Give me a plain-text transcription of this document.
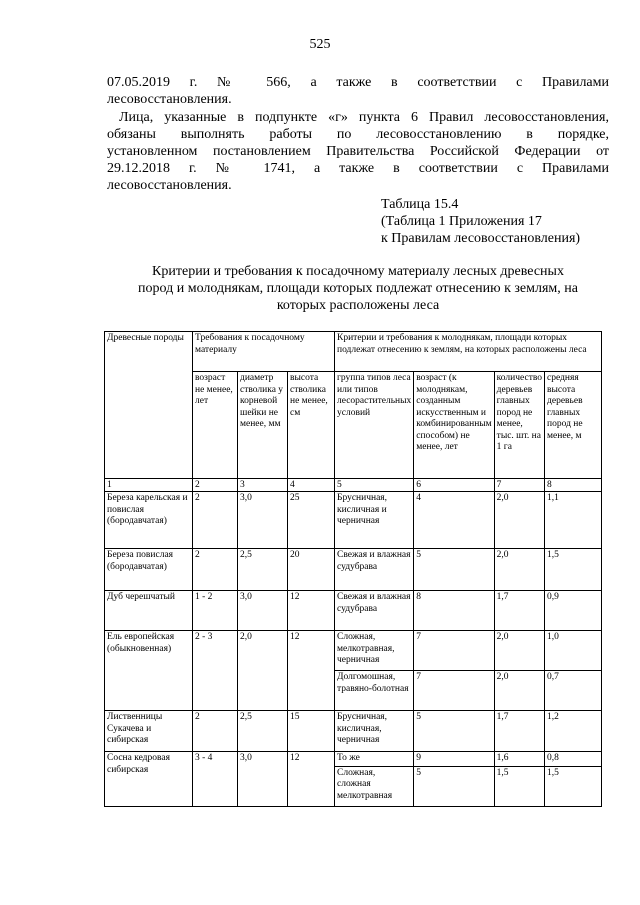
525
07.05.2019 г. № 566, а также в соответствии с Правилами
лесовосстановления.
Лица, указанные в подпункте «г» пункта 6 Правил лесовосстановления,
обязаны выполнять работы по лесовосстановлению в порядке,
установленном постановлением Правительства Российской Федерации от
29.12.2018 г. № 1741, а также в соответствии с Правилами
лесовосстановления.
Таблица 15.4
(Таблица 1 Приложения 17
к Правилам лесовосстановления)
Критерии и требования к посадочному материалу лесных древесных
пород и молоднякам, площади которых подлежат отнесению к землям, на
которых расположены леса
Древесные породы	Требования к посадочному материалу			Критерии и требования к молоднякам, площади которых подлежат отнесению к землям, на которых расположены леса			
	возраст не менее, лет	диаметр стволика у корневой шейки не менее, мм	высота стволика не менее, см	группа типов леса или типов лесорастительных условий	возраст (к молоднякам, созданным искусственным и комбинированным способом) не менее, лет	количество деревьев главных пород не менее, тыс. шт. на 1 га	средняя высота деревьев главных пород не менее, м
1	2	3	4	5	6	7	8
Береза карельская и повислая (бородавчатая)	2	3,0	25	Брусничная, кисличная и черничная	4	2,0	1,1
Береза повислая (бородавчатая)	2	2,5	20	Свежая и влажная судубрава	5	2,0	1,5
Дуб черешчатый	1 - 2	3,0	12	Свежая и влажная судубрава	8	1,7	0,9
Ель европейская (обыкновенная)	2 - 3	2,0	12	Сложная, мелкотравная, черничная	7	2,0	1,0
				Долгомошная, травяно-болотная	7	2,0	0,7
Лиственницы Сукачева и сибирская	2	2,5	15	Брусничная, кисличная, черничная	5	1,7	1,2
Сосна кедровая сибирская	3 - 4	3,0	12	То же	9	1,6	0,8
				Сложная, сложная мелкотравная	5	1,5	1,5
